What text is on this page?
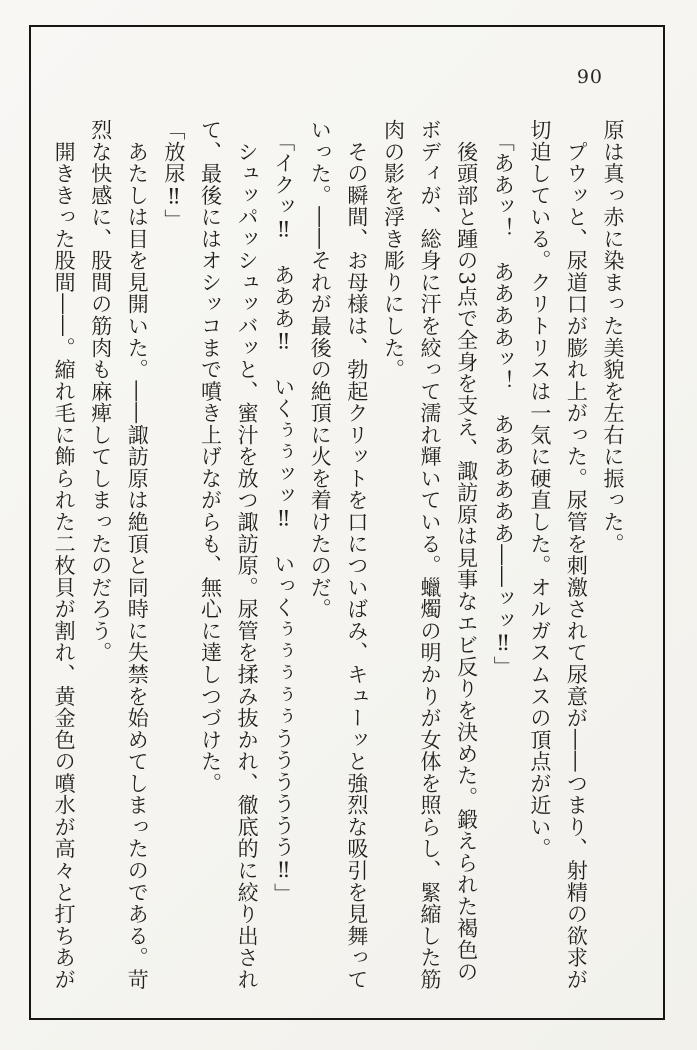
90

原は真っ赤に染まった美貌を左右に振った。

　プウッと、尿道口が膨れ上がった。尿管を刺激されて尿意が――つまり、射精の欲求が

切迫している。クリトリスは一気に硬直した。オルガスムスの頂点が近い。

　「ああッ！　ああああッ！　ああああああ――ッッ‼」

　後頭部と踵の3点で全身を支え、諏訪原は見事なエビ反りを決めた。鍛えられた褐色の

ボディが、総身に汗を絞って濡れ輝いている。蠟燭の明かりが女体を照らし、緊縮した筋

肉の影を浮き彫りにした。

　その瞬間、お母様は、勃起クリットを口についばみ、キューッと強烈な吸引を見舞って

いった。――それが最後の絶頂に火を着けたのだ。

　「イクッ‼　あああ‼　いくぅぅッッ‼　いっくぅぅぅぅぅうううううう‼」

　シュッパッシュッバッと、蜜汁を放つ諏訪原。尿管を揉み抜かれ、徹底的に絞り出され

て、最後にはオシッコまで噴き上げながらも、無心に達しつづけた。

「放尿‼」

　あたしは目を見開いた。――諏訪原は絶頂と同時に失禁を始めてしまったのである。苛

烈な快感に、股間の筋肉も麻痺してしまったのだろう。

　開ききった股間――。縮れ毛に飾られた二枚貝が割れ、黄金色の噴水が高々と打ちあが
